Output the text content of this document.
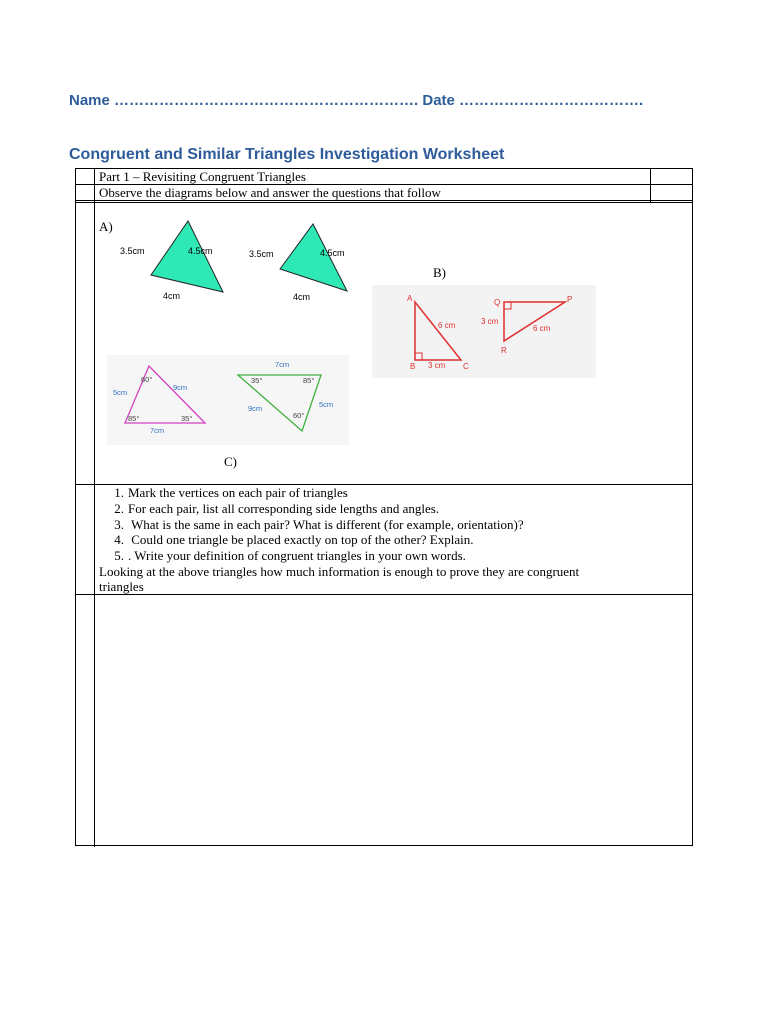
Name ……………………………………………………. Date ……………………………….
Congruent and Similar Triangles Investigation Worksheet
Part 1 – Revisiting Congruent Triangles
Observe the diagrams below and answer the questions that follow
A)
B)
C)
1. Mark the vertices on each pair of triangles
2. For each pair, list all corresponding side lengths and angles.
3. What is the same in each pair? What is different (for example, orientation)?
4. Could one triangle be placed exactly on top of the other? Explain.
5. . Write your definition of congruent triangles in your own words.
Looking at the above triangles how much information is enough to prove they are congruent
triangles
3.5cm	4.5cm
4cm
3.5cm	4.5cm
4cm	A
B	C
6 cm
3 cm
Q	P
R
3 cm
6 cm
60°
85°	35°
5cm
9cm
7cm
7cm
35°	85°
60°
9cm	5cm
